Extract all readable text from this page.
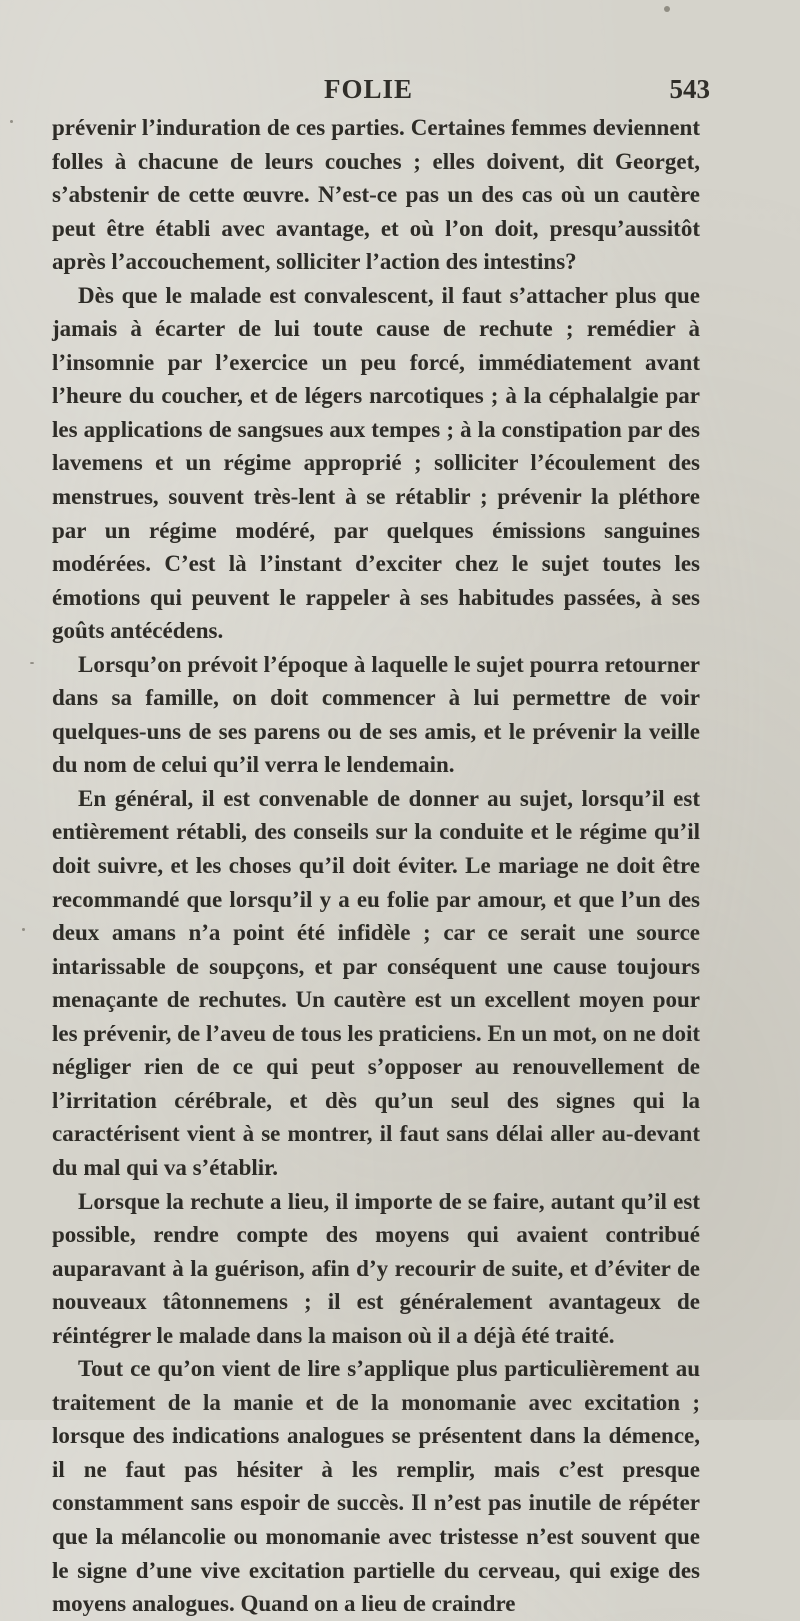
FOLIE	543

prévenir l’induration de ces parties. Certaines femmes deviennent folles à chacune de leurs couches ; elles doivent, dit Georget, s’abstenir de cette œuvre. N’est-ce pas un des cas où un cautère peut être établi avec avantage, et où l’on doit, presqu’aussitôt après l’accouchement, solliciter l’action des intestins?

Dès que le malade est convalescent, il faut s’attacher plus que jamais à écarter de lui toute cause de rechute ; remédier à l’insomnie par l’exercice un peu forcé, immédiatement avant l’heure du coucher, et de légers narcotiques ; à la céphalalgie par les applications de sangsues aux tempes ; à la constipation par des lavemens et un régime approprié ; solliciter l’écoulement des menstrues, souvent très-lent à se rétablir ; prévenir la pléthore par un régime modéré, par quelques émissions sanguines modérées. C’est là l’instant d’exciter chez le sujet toutes les émotions qui peuvent le rappeler à ses habitudes passées, à ses goûts antécédens.

Lorsqu’on prévoit l’époque à laquelle le sujet pourra retourner dans sa famille, on doit commencer à lui permettre de voir quelques-uns de ses parens ou de ses amis, et le prévenir la veille du nom de celui qu’il verra le lendemain.

En général, il est convenable de donner au sujet, lorsqu’il est entièrement rétabli, des conseils sur la conduite et le régime qu’il doit suivre, et les choses qu’il doit éviter. Le mariage ne doit être recommandé que lorsqu’il y a eu folie par amour, et que l’un des deux amans n’a point été infidèle ; car ce serait une source intarissable de soupçons, et par conséquent une cause toujours menaçante de rechutes. Un cautère est un excellent moyen pour les prévenir, de l’aveu de tous les praticiens. En un mot, on ne doit négliger rien de ce qui peut s’opposer au renouvellement de l’irritation cérébrale, et dès qu’un seul des signes qui la caractérisent vient à se montrer, il faut sans délai aller au-devant du mal qui va s’établir.

Lorsque la rechute a lieu, il importe de se faire, autant qu’il est possible, rendre compte des moyens qui avaient contribué auparavant à la guérison, afin d’y recourir de suite, et d’éviter de nouveaux tâtonnemens ; il est généralement avantageux de réintégrer le malade dans la maison où il a déjà été traité.

Tout ce qu’on vient de lire s’applique plus particulièrement au traitement de la manie et de la monomanie avec excitation ; lorsque des indications analogues se présentent dans la démence, il ne faut pas hésiter à les remplir, mais c’est presque constamment sans espoir de succès. Il n’est pas inutile de répéter que la mélancolie ou monomanie avec tristesse n’est souvent que le signe d’une vive excitation partielle du cerveau, qui exige des moyens analogues. Quand on a lieu de craindre
